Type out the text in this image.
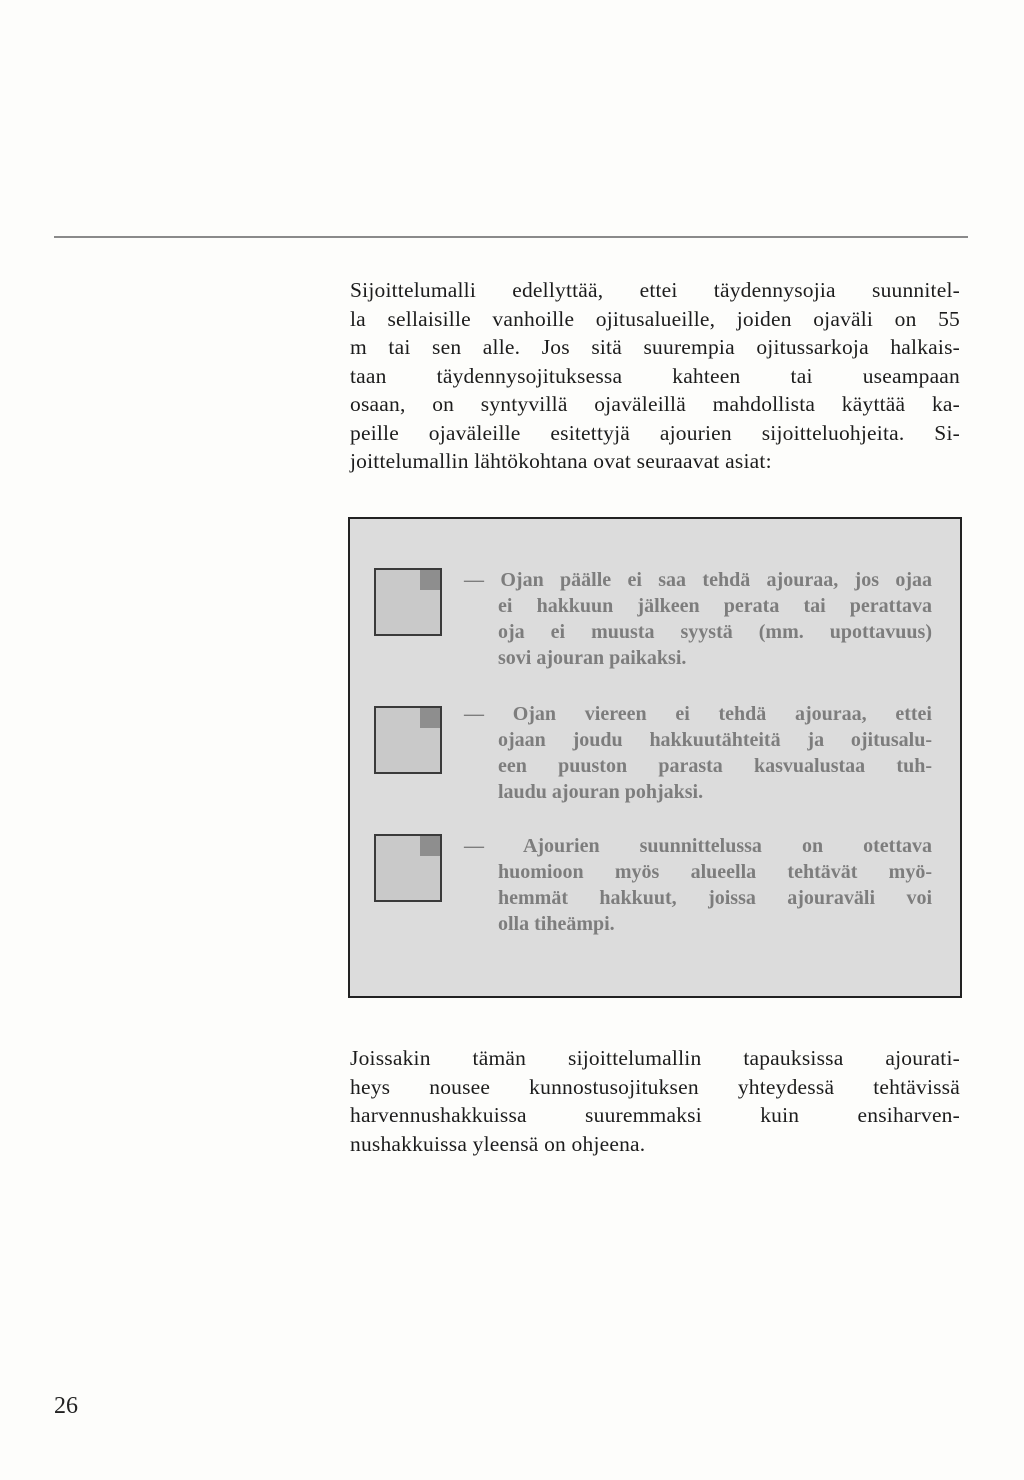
Sijoittelumalli edellyttää, ettei täydennysojia suunnitel-
la sellaisille vanhoille ojitusalueille, joiden ojaväli on 55
m tai sen alle. Jos sitä suurempia ojitussarkoja halkais-
taan täydennysojituksessa kahteen tai useampaan
osaan, on syntyvillä ojaväleillä mahdollista käyttää ka-
peille ojaväleille esitettyjä ajourien sijoitteluohjeita. Si-
joittelumallin lähtökohtana ovat seuraavat asiat:
— Ojan päälle ei saa tehdä ajouraa, jos ojaa
ei hakkuun jälkeen perata tai perattava
oja ei muusta syystä (mm. upottavuus)
sovi ajouran paikaksi.
— Ojan viereen ei tehdä ajouraa, ettei
ojaan joudu hakkuutähteitä ja ojitusalu-
een puuston parasta kasvualustaa tuh-
laudu ajouran pohjaksi.
— Ajourien suunnittelussa on otettava
huomioon myös alueella tehtävät myö-
hemmät hakkuut, joissa ajouraväli voi
olla tiheämpi.
Joissakin tämän sijoittelumallin tapauksissa ajourati-
heys nousee kunnostusojituksen yhteydessä tehtävissä
harvennushakkuissa suuremmaksi kuin ensiharven-
nushakkuissa yleensä on ohjeena.
26
